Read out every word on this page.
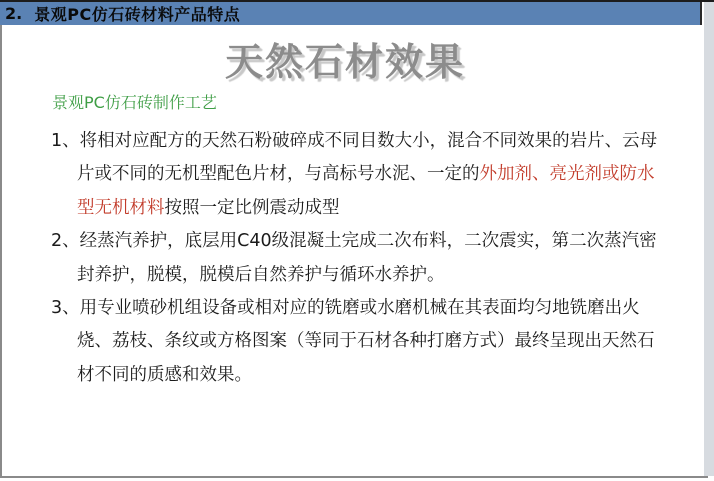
2. 景观PC仿石砖材料产品特点
天然石材效果
景观PC仿石砖制作工艺
1、将相对应配方的天然石粉破碎成不同目数大小，混合不同效果的岩片、云母
片或不同的无机型配色片材，与高标号水泥、一定的外加剂、亮光剂或防水
型无机材料按照一定比例震动成型
2、经蒸汽养护，底层用C40级混凝土完成二次布料，二次震实，第二次蒸汽密
封养护，脱模，脱模后自然养护与循环水养护。
3、用专业喷砂机组设备或相对应的铣磨或水磨机械在其表面均匀地铣磨出火
烧、荔枝、条纹或方格图案（等同于石材各种打磨方式）最终呈现出天然石
材不同的质感和效果。
